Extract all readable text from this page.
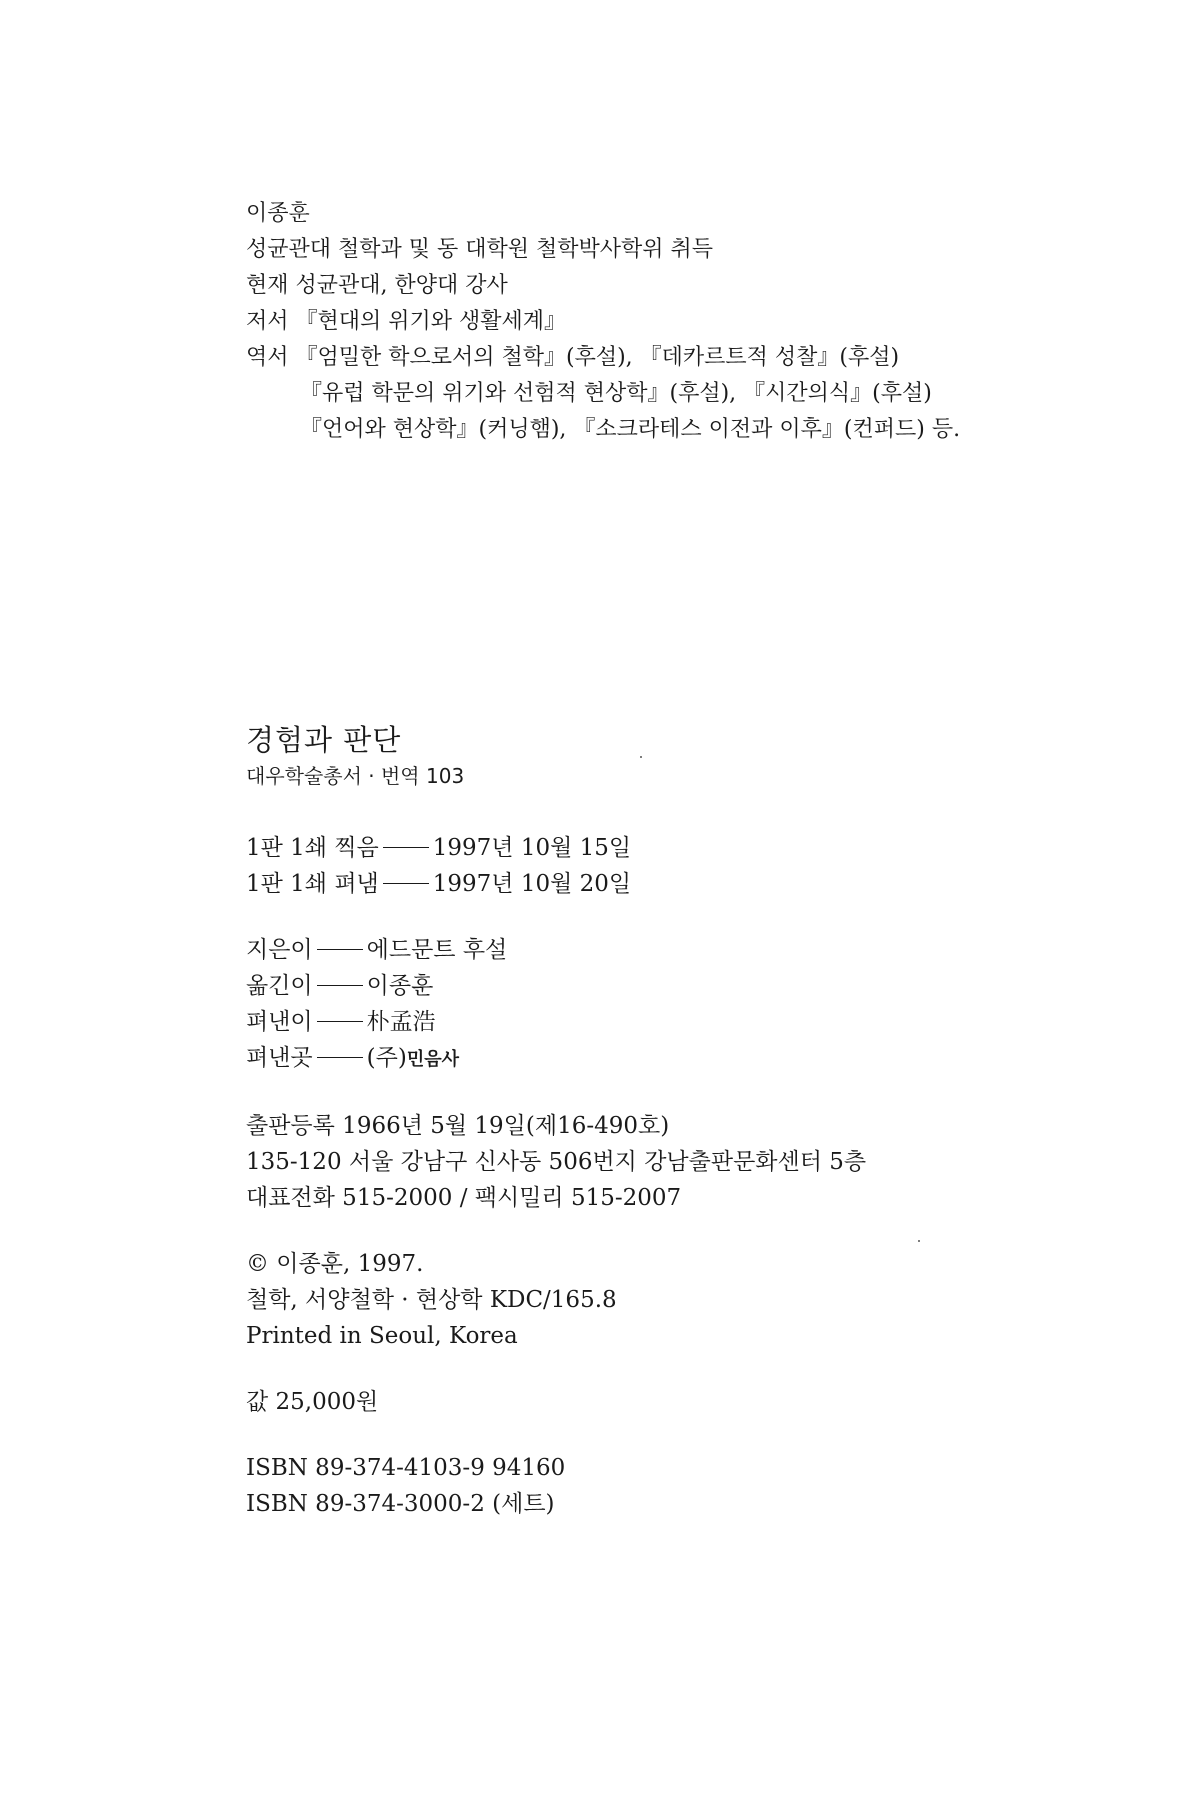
이종훈
성균관대 철학과 및 동 대학원 철학박사학위 취득
현재 성균관대, 한양대 강사
저서 『현대의 위기와 생활세계』
역서 『엄밀한 학으로서의 철학』(후설), 『데카르트적 성찰』(후설)
『유럽 학문의 위기와 선험적 현상학』(후설), 『시간의식』(후설)
『언어와 현상학』(커닝햄), 『소크라테스 이전과 이후』(컨퍼드) 등.
경험과 판단
대우학술총서 · 번역 103
1판 1쇄 찍음 1997년 10월 15일
1판 1쇄 펴냄 1997년 10월 20일
지은이 에드문트 후설
옮긴이 이종훈
펴낸이 朴孟浩
펴낸곳 (주)민음사
출판등록 1966년 5월 19일(제16-490호)
135-120 서울 강남구 신사동 506번지 강남출판문화센터 5층
대표전화 515-2000 / 팩시밀리 515-2007
© 이종훈, 1997.
철학, 서양철학 · 현상학 KDC/165.8
Printed in Seoul, Korea
값 25,000원
ISBN 89-374-4103-9 94160
ISBN 89-374-3000-2 (세트)
